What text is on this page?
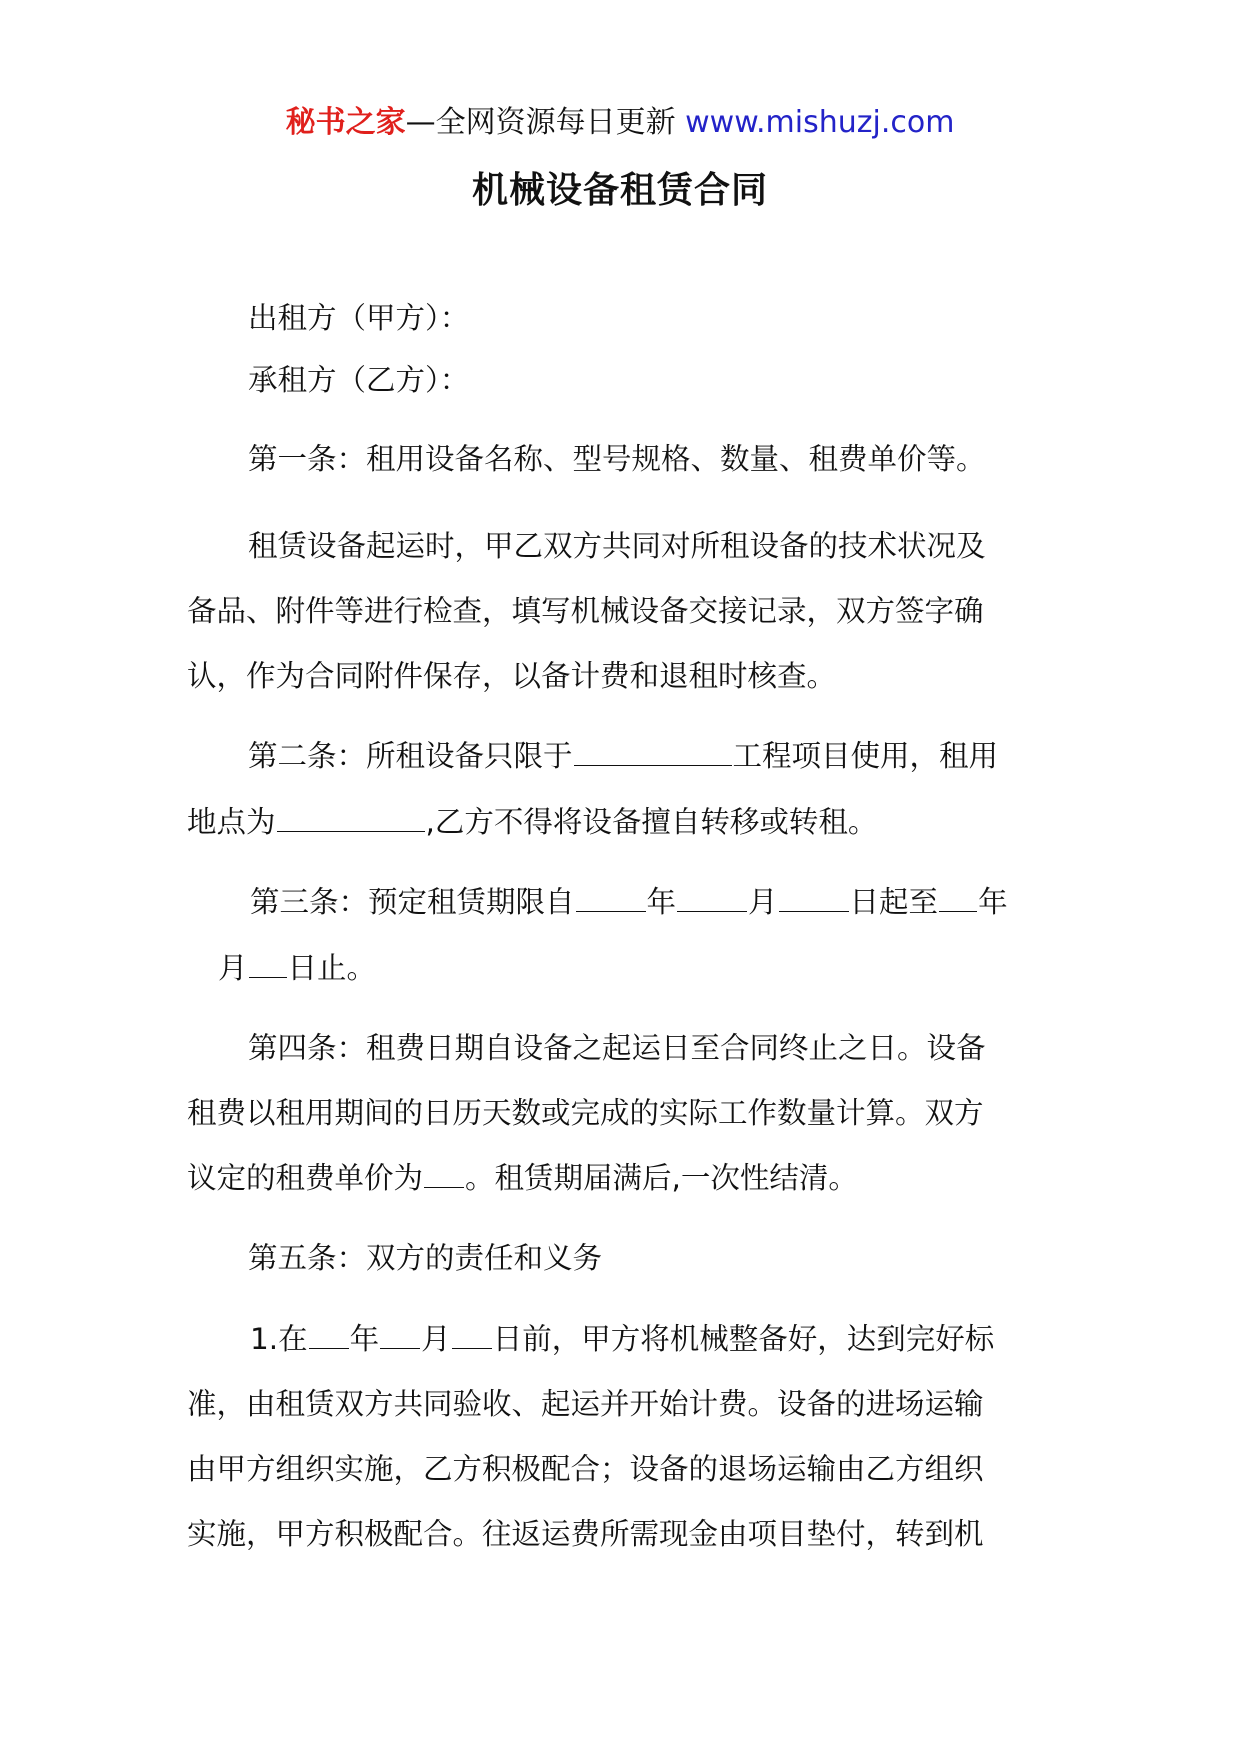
秘书之家—全网资源每日更新 www.mishuzj.com
机械设备租赁合同
出租方（甲方）：
承租方（乙方）：
第一条：租用设备名称、型号规格、数量、租费单价等。
租赁设备起运时，甲乙双方共同对所租设备的技术状况及
备品、附件等进行检查，填写机械设备交接记录，双方签字确
认，作为合同附件保存，以备计费和退租时核查。
第二条：所租设备只限于	工程项目使用，租用
地点为	,乙方不得将设备擅自转移或转租。
第三条：预定租赁期限自 年 月 日起至 年
月 日止。
第四条：租费日期自设备之起运日至合同终止之日。设备
租费以租用期间的日历天数或完成的实际工作数量计算。双方
议定的租费单价为 。租赁期届满后,一次性结清。
第五条：双方的责任和义务
1.在 年 月 日前，甲方将机械整备好，达到完好标
准，由租赁双方共同验收、起运并开始计费。设备的进场运输
由甲方组织实施，乙方积极配合；设备的退场运输由乙方组织
实施，甲方积极配合。往返运费所需现金由项目垫付，转到机
